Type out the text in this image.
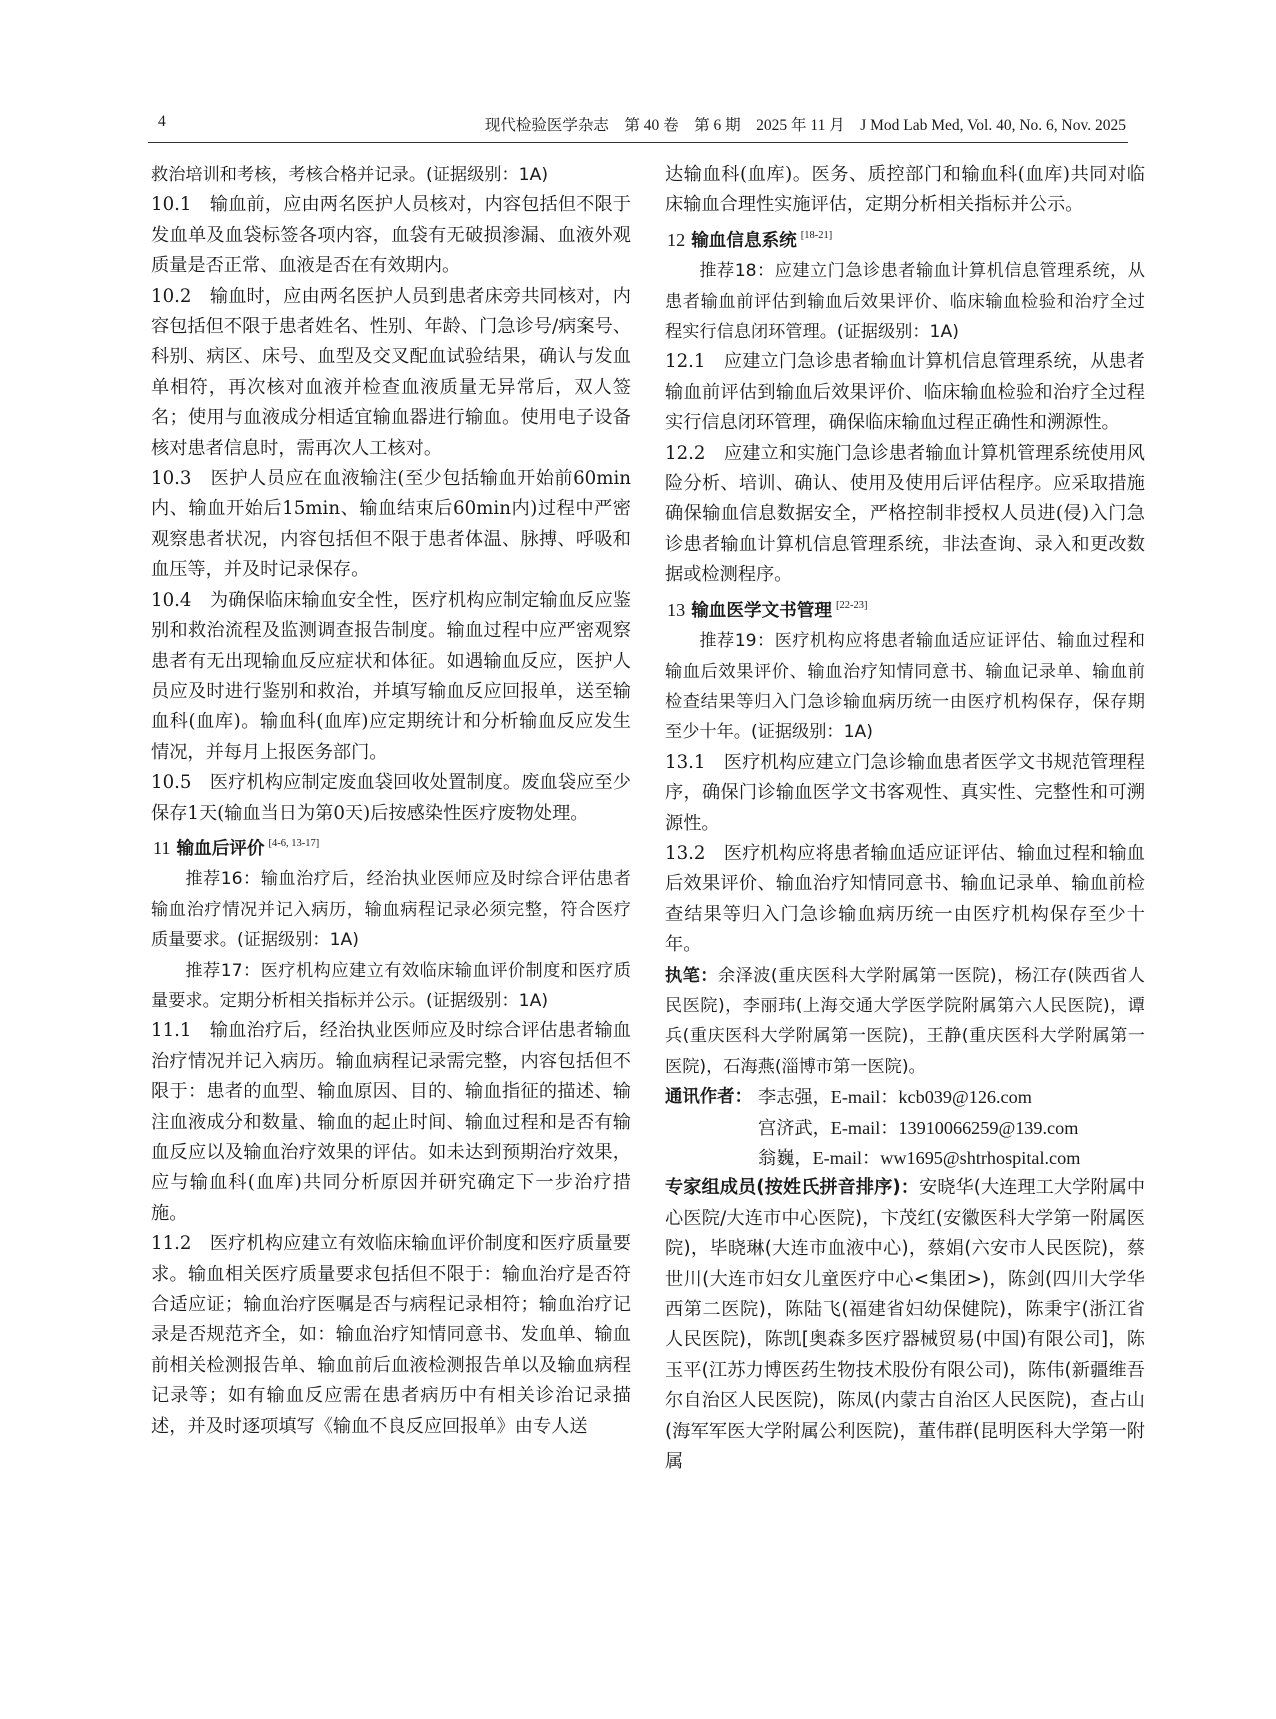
4	现代检验医学杂志　第 40 卷　第 6 期　2025 年 11 月　J Mod Lab Med, Vol. 40, No. 6, Nov. 2025

救治培训和考核，考核合格并记录。(证据级别：1A)

10.1　输血前，应由两名医护人员核对，内容包括但不限于发血单及血袋标签各项内容，血袋有无破损渗漏、血液外观质量是否正常、血液是否在有效期内。

10.2　输血时，应由两名医护人员到患者床旁共同核对，内容包括但不限于患者姓名、性别、年龄、门急诊号/病案号、科别、病区、床号、血型及交叉配血试验结果，确认与发血单相符，再次核对血液并检查血液质量无异常后，双人签名；使用与血液成分相适宜输血器进行输血。使用电子设备核对患者信息时，需再次人工核对。

10.3　医护人员应在血液输注(至少包括输血开始前60min内、输血开始后15min、输血结束后60min内)过程中严密观察患者状况，内容包括但不限于患者体温、脉搏、呼吸和血压等，并及时记录保存。

10.4　为确保临床输血安全性，医疗机构应制定输血反应鉴别和救治流程及监测调查报告制度。输血过程中应严密观察患者有无出现输血反应症状和体征。如遇输血反应，医护人员应及时进行鉴别和救治，并填写输血反应回报单，送至输血科(血库)。输血科(血库)应定期统计和分析输血反应发生情况，并每月上报医务部门。

10.5　医疗机构应制定废血袋回收处置制度。废血袋应至少保存1天(输血当日为第0天)后按感染性医疗废物处理。

11 输血后评价 [4-6, 13-17]

推荐16：输血治疗后，经治执业医师应及时综合评估患者输血治疗情况并记入病历，输血病程记录必须完整，符合医疗质量要求。(证据级别：1A)

推荐17：医疗机构应建立有效临床输血评价制度和医疗质量要求。定期分析相关指标并公示。(证据级别：1A)

11.1　输血治疗后，经治执业医师应及时综合评估患者输血治疗情况并记入病历。输血病程记录需完整，内容包括但不限于：患者的血型、输血原因、目的、输血指征的描述、输注血液成分和数量、输血的起止时间、输血过程和是否有输血反应以及输血治疗效果的评估。如未达到预期治疗效果，应与输血科(血库)共同分析原因并研究确定下一步治疗措施。

11.2　医疗机构应建立有效临床输血评价制度和医疗质量要求。输血相关医疗质量要求包括但不限于：输血治疗是否符合适应证；输血治疗医嘱是否与病程记录相符；输血治疗记录是否规范齐全，如：输血治疗知情同意书、发血单、输血前相关检测报告单、输血前后血液检测报告单以及输血病程记录等；如有输血反应需在患者病历中有相关诊治记录描述，并及时逐项填写《输血不良反应回报单》由专人送

达输血科(血库)。医务、质控部门和输血科(血库)共同对临床输血合理性实施评估，定期分析相关指标并公示。

12 输血信息系统 [18-21]

推荐18：应建立门急诊患者输血计算机信息管理系统，从患者输血前评估到输血后效果评价、临床输血检验和治疗全过程实行信息闭环管理。(证据级别：1A)

12.1　应建立门急诊患者输血计算机信息管理系统，从患者输血前评估到输血后效果评价、临床输血检验和治疗全过程实行信息闭环管理，确保临床输血过程正确性和溯源性。

12.2　应建立和实施门急诊患者输血计算机管理系统使用风险分析、培训、确认、使用及使用后评估程序。应采取措施确保输血信息数据安全，严格控制非授权人员进(侵)入门急诊患者输血计算机信息管理系统，非法查询、录入和更改数据或检测程序。

13 输血医学文书管理 [22-23]

推荐19：医疗机构应将患者输血适应证评估、输血过程和输血后效果评价、输血治疗知情同意书、输血记录单、输血前检查结果等归入门急诊输血病历统一由医疗机构保存，保存期至少十年。(证据级别：1A)

13.1　医疗机构应建立门急诊输血患者医学文书规范管理程序，确保门诊输血医学文书客观性、真实性、完整性和可溯源性。

13.2　医疗机构应将患者输血适应证评估、输血过程和输血后效果评价、输血治疗知情同意书、输血记录单、输血前检查结果等归入门急诊输血病历统一由医疗机构保存至少十年。

执笔：余泽波(重庆医科大学附属第一医院)，杨江存(陕西省人民医院)，李丽玮(上海交通大学医学院附属第六人民医院)，谭兵(重庆医科大学附属第一医院)，王静(重庆医科大学附属第一医院)，石海燕(淄博市第一医院)。

通讯作者： 李志强，E-mail：kcb039@126.com
宫济武，E-mail：13910066259@139.com
翁巍，E-mail：ww1695@shtrhospital.com

专家组成员(按姓氏拼音排序)：安晓华(大连理工大学附属中心医院/大连市中心医院)，卞茂红(安徽医科大学第一附属医院)，毕晓琳(大连市血液中心)，蔡娟(六安市人民医院)，蔡世川(大连市妇女儿童医疗中心<集团>)，陈剑(四川大学华西第二医院)，陈陆飞(福建省妇幼保健院)，陈秉宇(浙江省人民医院)，陈凯[奥森多医疗器械贸易(中国)有限公司]，陈玉平(江苏力博医药生物技术股份有限公司)，陈伟(新疆维吾尔自治区人民医院)，陈凤(内蒙古自治区人民医院)，查占山(海军军医大学附属公利医院)，董伟群(昆明医科大学第一附属
